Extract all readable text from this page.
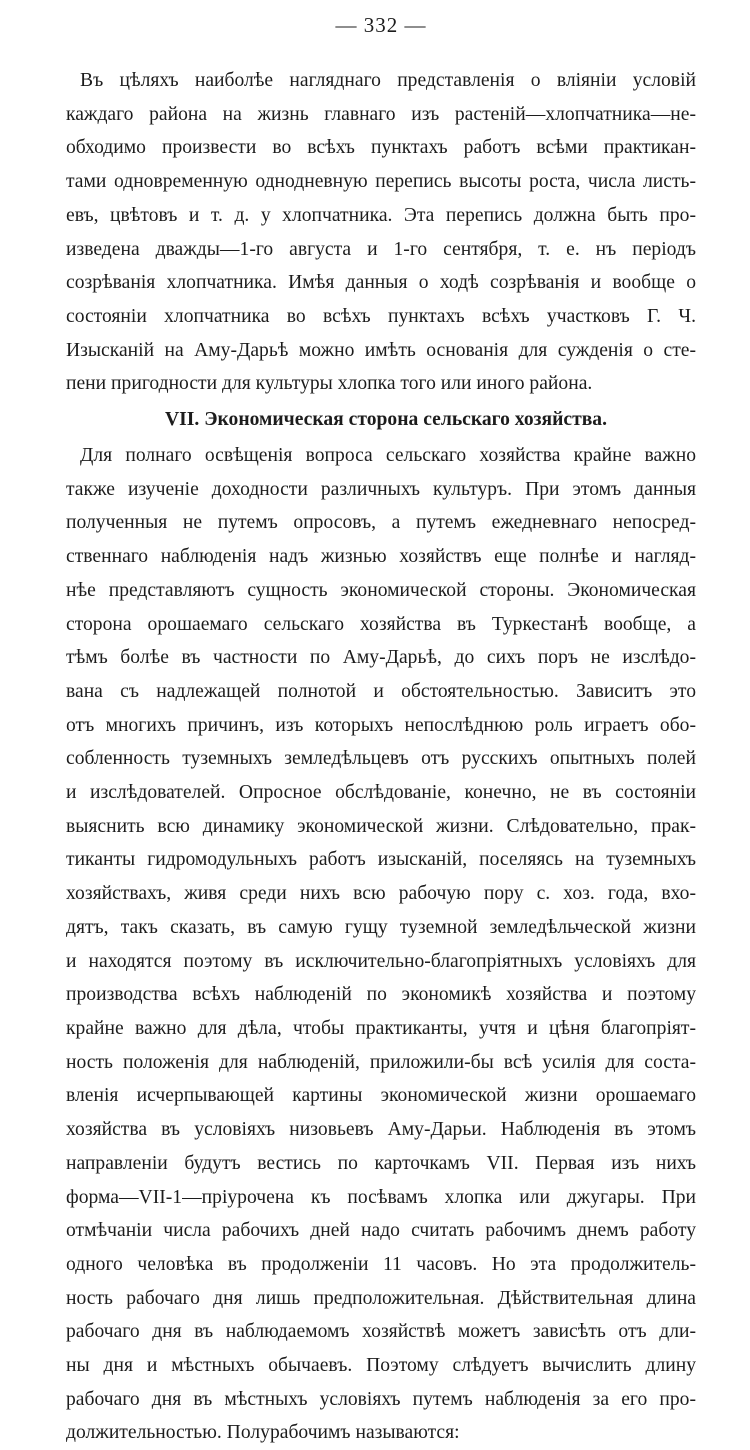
— 332 —
Въ цѣляхъ наиболѣе нагляднаго представленія о вліяніи условій
каждаго района на жизнь главнаго изъ растеній—хлопчатника—не-
обходимо произвести во всѣхъ пунктахъ работъ всѣми практикан-
тами одновременную однодневную перепись высоты роста, числа листь-
евъ, цвѣтовъ и т. д. у хлопчатника. Эта перепись должна быть про-
изведена дважды—1-го августа и 1-го сентября, т. е. нъ періодъ
созрѣванія хлопчатника. Имѣя данныя о ходѣ созрѣванія и вообще о
состояніи хлопчатника во всѣхъ пунктахъ всѣхъ участковъ Г. Ч.
Изысканій на Аму-Дарьѣ можно имѣть основанія для сужденія о сте-
пени пригодности для культуры хлопка того или иного района.
VII. Экономическая сторона сельскаго хозяйства.
Для полнаго освѣщенія вопроса сельскаго хозяйства крайне важно
также изученіе доходности различныхъ культуръ. При этомъ данныя
полученныя не путемъ опросовъ, а путемъ ежедневнаго непосред-
ственнаго наблюденія надъ жизнью хозяйствъ еще полнѣе и нагляд-
нѣе представляютъ сущность экономической стороны. Экономическая
сторона орошаемаго сельскаго хозяйства въ Туркестанѣ вообще, а
тѣмъ болѣе въ частности по Аму-Дарьѣ, до сихъ поръ не изслѣдо-
вана съ надлежащей полнотой и обстоятельностью. Зависитъ это
отъ многихъ причинъ, изъ которыхъ непослѣднюю роль играетъ обо-
собленность туземныхъ земледѣльцевъ отъ русскихъ опытныхъ полей
и изслѣдователей. Опросное обслѣдованіе, конечно, не въ состояніи
выяснить всю динамику экономической жизни. Слѣдовательно, прак-
тиканты гидромодульныхъ работъ изысканій, поселяясь на туземныхъ
хозяйствахъ, живя среди нихъ всю рабочую пору с. хоз. года, вхо-
дятъ, такъ сказать, въ самую гущу туземной земледѣльческой жизни
и находятся поэтому въ исключительно-благопріятныхъ условіяхъ для
производства всѣхъ наблюденій по экономикѣ хозяйства и поэтому
крайне важно для дѣла, чтобы практиканты, учтя и цѣня благопріят-
ность положенія для наблюденій, приложили-бы всѣ усилія для соста-
вленія исчерпывающей картины экономической жизни орошаемаго
хозяйства въ условіяхъ низовьевъ Аму-Дарьи. Наблюденія въ этомъ
направленіи будутъ вестись по карточкамъ VII. Первая изъ нихъ
форма—VII-1—пріурочена къ посѣвамъ хлопка или джугары. При
отмѣчаніи числа рабочихъ дней надо считать рабочимъ днемъ работу
одного человѣка въ продолженіи 11 часовъ. Но эта продолжитель-
ность рабочаго дня лишь предположительная. Дѣйствительная длина
рабочаго дня въ наблюдаемомъ хозяйствѣ можетъ зависѣть отъ дли-
ны дня и мѣстныхъ обычаевъ. Поэтому слѣдуетъ вычислить длину
рабочаго дня въ мѣстныхъ условіяхъ путемъ наблюденія за его про-
должительностью. Полурабочимъ называются:
